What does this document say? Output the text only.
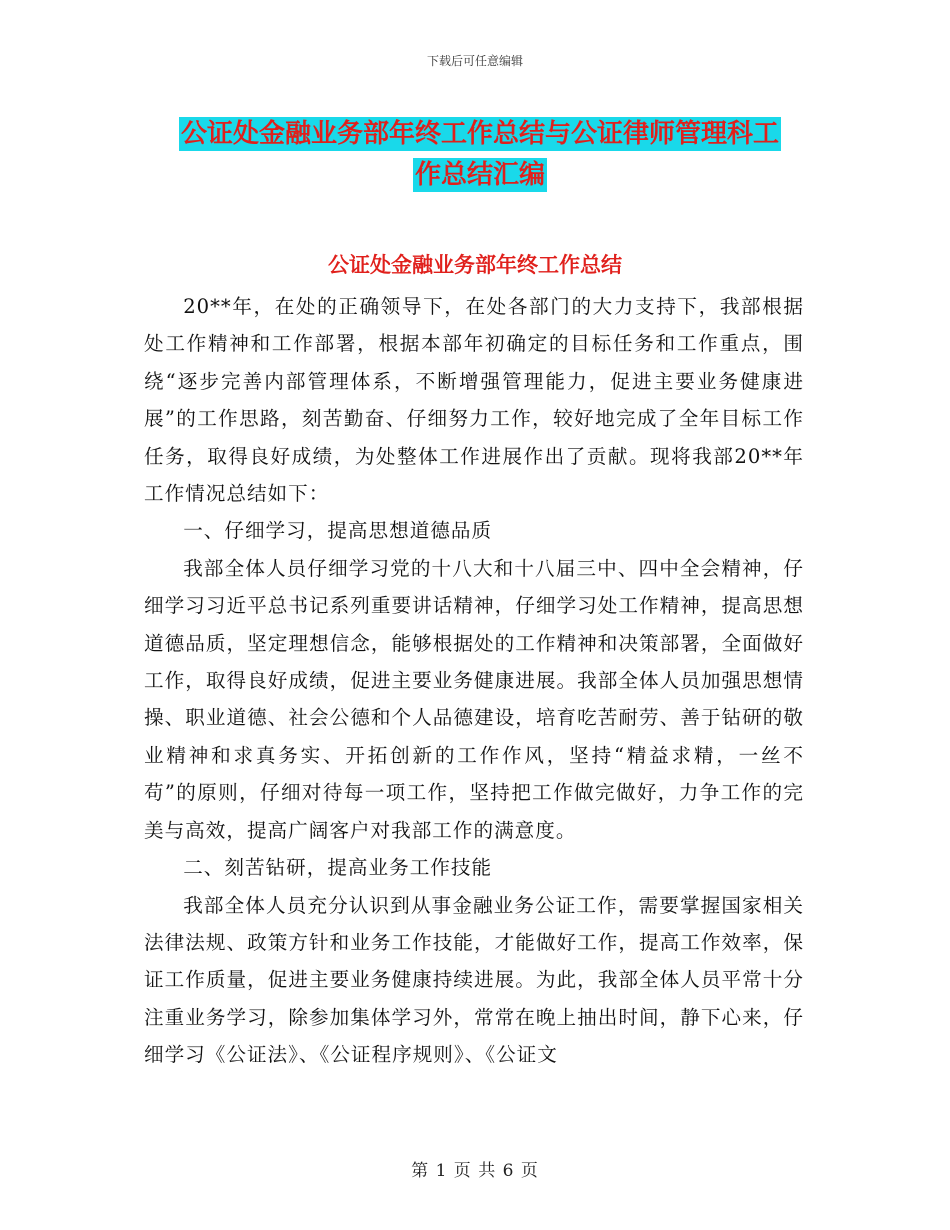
下载后可任意编辑
公证处金融业务部年终工作总结与公证律师管理科工
作总结汇编
公证处金融业务部年终工作总结

20**年，在处的正确领导下，在处各部门的大力支持下，我部根据处工作精神和工作部署，根据本部年初确定的目标任务和工作重点，围绕“逐步完善内部管理体系，不断增强管理能力，促进主要业务健康进展”的工作思路，刻苦勤奋、仔细努力工作，较好地完成了全年目标工作任务，取得良好成绩，为处整体工作进展作出了贡献。现将我部20**年工作情况总结如下：

一、仔细学习，提高思想道德品质

我部全体人员仔细学习党的十八大和十八届三中、四中全会精神，仔细学习习近平总书记系列重要讲话精神，仔细学习处工作精神，提高思想道德品质，坚定理想信念，能够根据处的工作精神和决策部署，全面做好工作，取得良好成绩，促进主要业务健康进展。我部全体人员加强思想情操、职业道德、社会公德和个人品德建设，培育吃苦耐劳、善于钻研的敬业精神和求真务实、开拓创新的工作作风，坚持“精益求精，一丝不苟”的原则，仔细对待每一项工作，坚持把工作做完做好，力争工作的完美与高效，提高广阔客户对我部工作的满意度。

二、刻苦钻研，提高业务工作技能

我部全体人员充分认识到从事金融业务公证工作，需要掌握国家相关法律法规、政策方针和业务工作技能，才能做好工作，提高工作效率，保证工作质量，促进主要业务健康持续进展。为此，我部全体人员平常十分注重业务学习，除参加集体学习外，常常在晚上抽出时间，静下心来，仔细学习《公证法》、《公证程序规则》、《公证文

第 1 页 共 6 页
